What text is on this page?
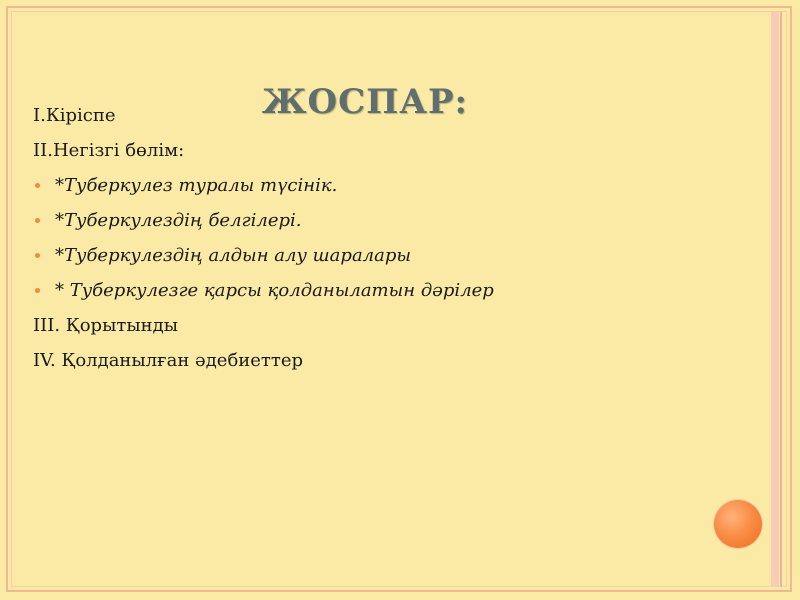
ЖОСПАР:
I.Кіріспе
II.Негізгі бөлім:
*Туберкулез туралы түсінік.
*Туберкулездің белгілері.
*Туберкулездің алдын алу шаралары
* Туберкулезге қарсы қолданылатын дәрілер
III. Қорытынды
IV. Қолданылған әдебиеттер
